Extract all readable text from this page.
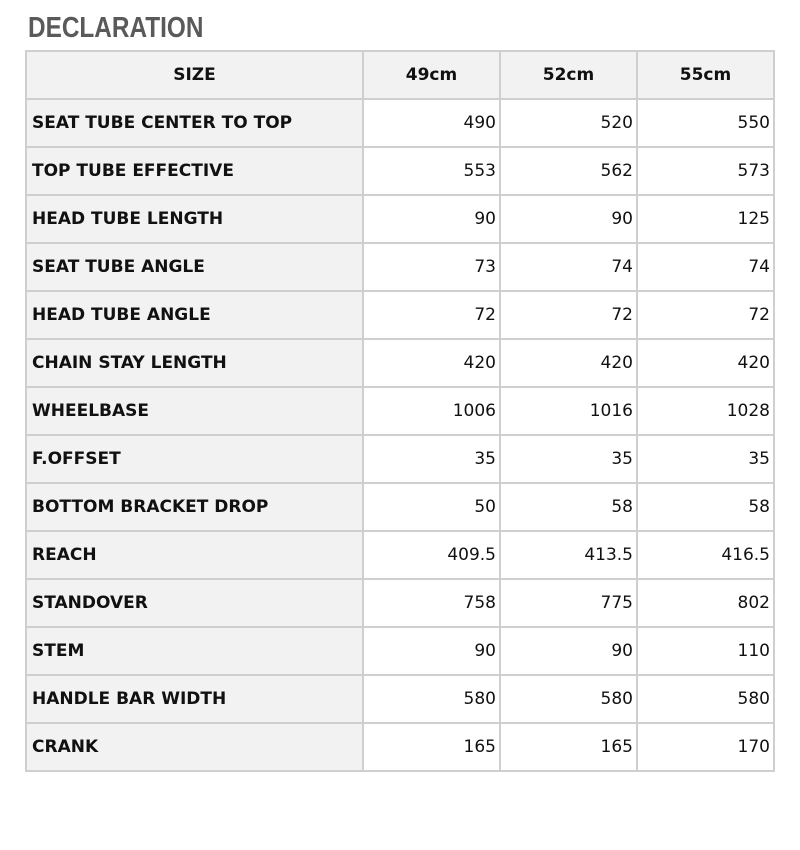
DECLARATION
SIZE	49cm	52cm	55cm
SEAT TUBE CENTER TO TOP	490	520	550
TOP TUBE EFFECTIVE	553	562	573
HEAD TUBE LENGTH	90	90	125
SEAT TUBE ANGLE	73	74	74
HEAD TUBE ANGLE	72	72	72
CHAIN STAY LENGTH	420	420	420
WHEELBASE	1006	1016	1028
F.OFFSET	35	35	35
BOTTOM BRACKET DROP	50	58	58
REACH	409.5	413.5	416.5
STANDOVER	758	775	802
STEM	90	90	110
HANDLE BAR WIDTH	580	580	580
CRANK	165	165	170
